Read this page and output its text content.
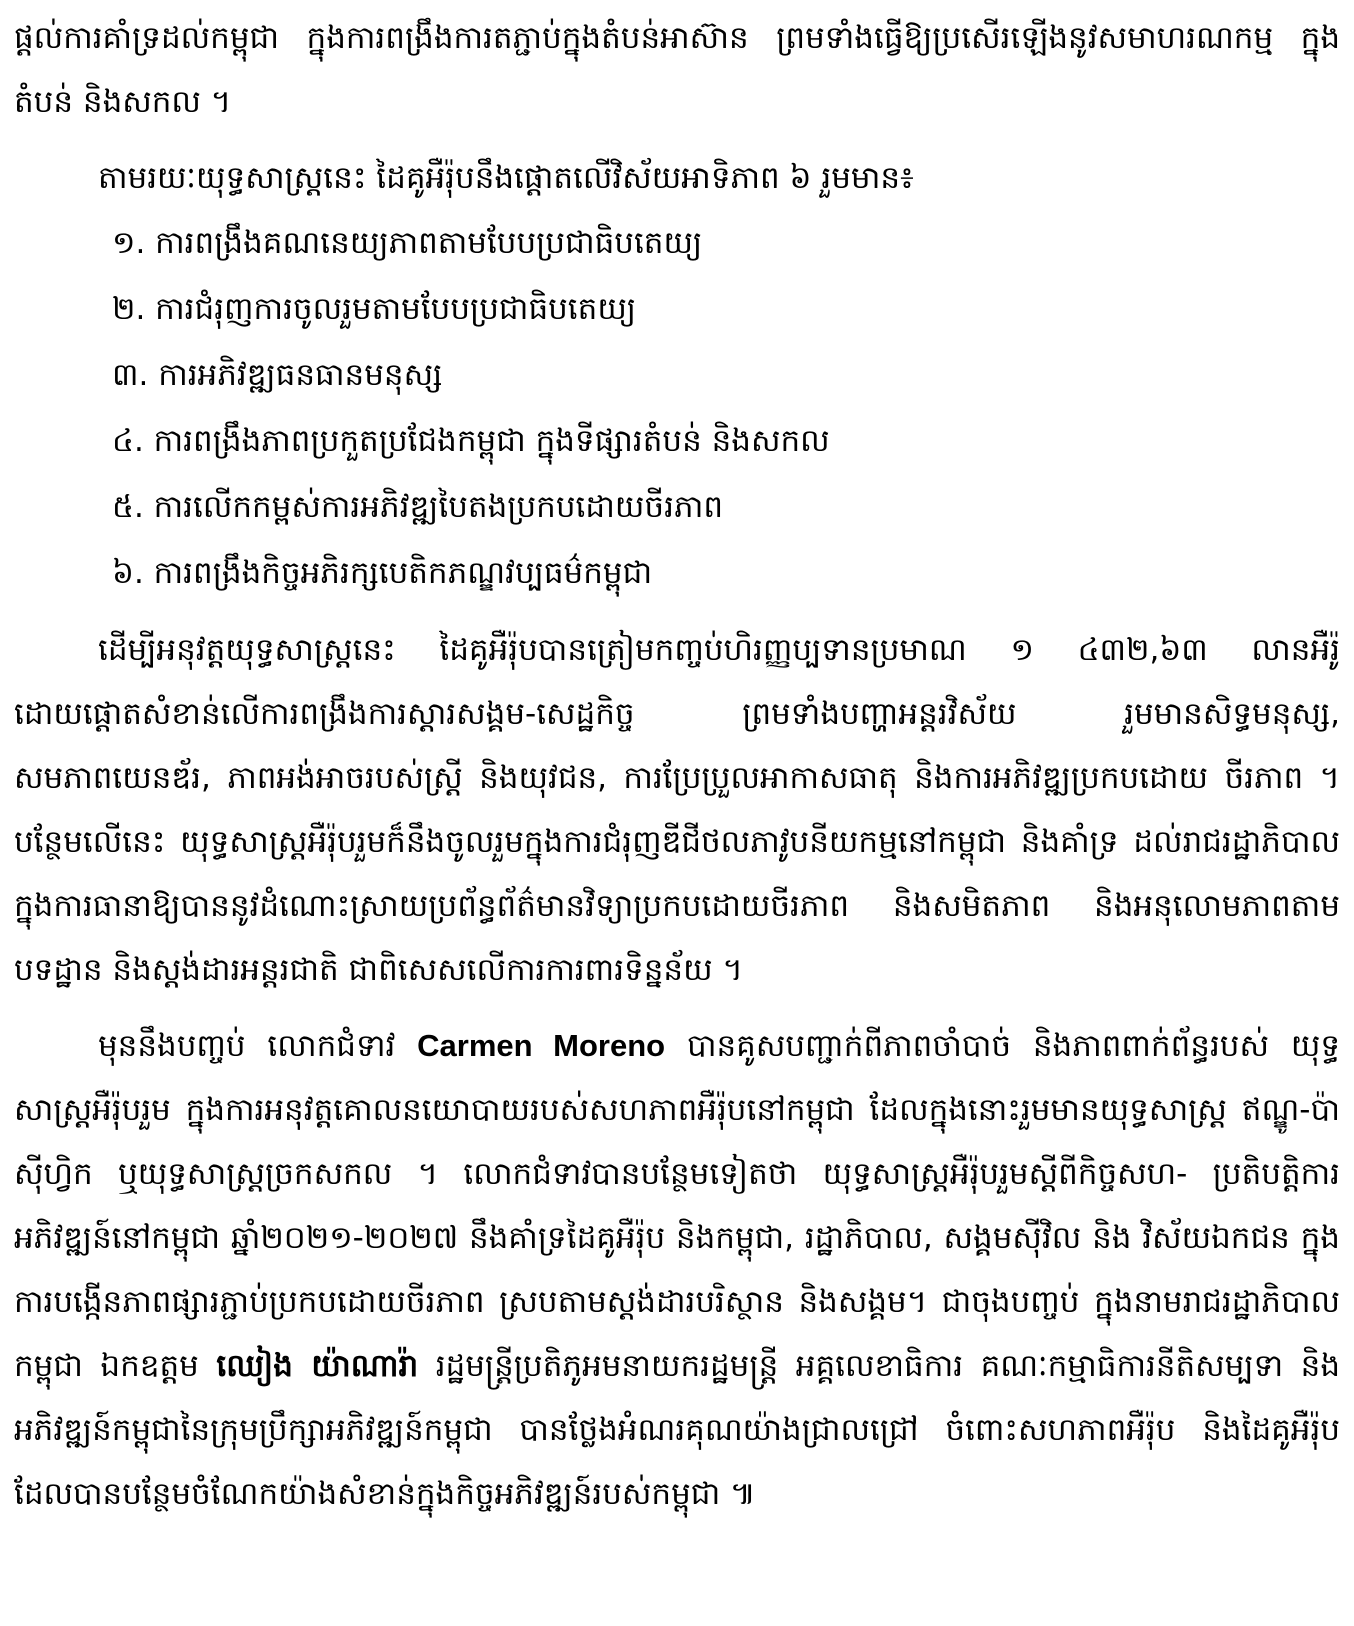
ផ្តល់ការគាំទ្រដល់កម្ពុជា ក្នុងការពង្រឹងការតភ្ជាប់ក្នុងតំបន់អាស៊ាន ព្រមទាំងធ្វើឱ្យប្រសើរឡើងនូវសមាហរណកម្ម ក្នុងតំបន់ និងសកល ។

តាមរយៈយុទ្ធសាស្ត្រនេះ ដៃគូអឺរ៉ុបនឹងផ្តោតលើវិស័យអាទិភាព ៦ រួមមាន៖

១. ការពង្រឹងគណនេយ្យភាពតាមបែបប្រជាធិបតេយ្យ
២. ការជំរុញការចូលរួមតាមបែបប្រជាធិបតេយ្យ
៣. ការអភិវឌ្ឍធនធានមនុស្ស
៤. ការពង្រឹងភាពប្រកួតប្រជែងកម្ពុជា ក្នុងទីផ្សារតំបន់ និងសកល
៥. ការលើកកម្ពស់ការអភិវឌ្ឍបៃតងប្រកបដោយចីរភាព
៦. ការពង្រឹងកិច្ចអភិរក្សបេតិកភណ្ឌវប្បធម៌កម្ពុជា

ដើម្បីអនុវត្តយុទ្ធសាស្ត្រនេះ ដៃគូអឺរ៉ុបបានត្រៀមកញ្ចប់ហិរញ្ញប្បទានប្រមាណ ១ ៤៣២,៦៣ លានអឺរ៉ូ ដោយផ្តោតសំខាន់លើការពង្រឹងការស្តារសង្គម-សេដ្ឋកិច្ច ព្រមទាំងបញ្ហាអន្តរវិស័យ រួមមានសិទ្ធមនុស្ស, សមភាពយេនឌ័រ, ភាពអង់អាចរបស់ស្ត្រី និងយុវជន, ការប្រែប្រួលអាកាសធាតុ និងការអភិវឌ្ឍប្រកបដោយ ចីរភាព ។ បន្ថែមលើនេះ យុទ្ធសាស្ត្រអឺរ៉ុបរួមក៏នឹងចូលរួមក្នុងការជំរុញឌីជីថលភាវូបនីយកម្មនៅកម្ពុជា និងគាំទ្រ ដល់រាជរដ្ឋាភិបាលក្នុងការធានាឱ្យបាននូវដំណោះស្រាយប្រព័ន្ធព័ត៌មានវិទ្យាប្រកបដោយចីរភាព និងសមិតភាព និងអនុលោមភាពតាមបទដ្ឋាន និងស្តង់ដារអន្តរជាតិ ជាពិសេសលើការការពារទិន្នន័យ ។

មុននឹងបញ្ចប់ លោកជំទាវ Carmen Moreno បានគូសបញ្ជាក់ពីភាពចាំបាច់ និងភាពពាក់ព័ន្ធរបស់ យុទ្ធសាស្ត្រអឺរ៉ុបរួម ក្នុងការអនុវត្តគោលនយោបាយរបស់សហភាពអឺរ៉ុបនៅកម្ពុជា ដែលក្នុងនោះរួមមានយុទ្ធសាស្ត្រ ឥណ្ឌូ-ប៉ាស៊ីហ្វិក ឬយុទ្ធសាស្ត្រច្រកសកល ។ លោកជំទាវបានបន្ថែមទៀតថា យុទ្ធសាស្ត្រអឺរ៉ុបរួមស្តីពីកិច្ចសហ- ប្រតិបត្តិការអភិវឌ្ឍន៍នៅកម្ពុជា ឆ្នាំ២០២១-២០២៧ នឹងគាំទ្រដៃគូអឺរ៉ុប និងកម្ពុជា, រដ្ឋាភិបាល, សង្គមស៊ីវិល និង វិស័យឯកជន ក្នុងការបង្កើនភាពផ្សារភ្ជាប់ប្រកបដោយចីរភាព ស្របតាមស្តង់ដារបរិស្ថាន និងសង្គម។ ជាចុងបញ្ចប់ ក្នុងនាមរាជរដ្ឋាភិបាលកម្ពុជា ឯកឧត្តម ឈៀង យ៉ាណារ៉ា រដ្ឋមន្ត្រីប្រតិភូអមនាយករដ្ឋមន្ត្រី អគ្គលេខាធិការ គណៈកម្មាធិការនីតិសម្បទា និងអភិវឌ្ឍន៍កម្ពុជានៃក្រុមប្រឹក្សាអភិវឌ្ឍន៍កម្ពុជា បានថ្លែងអំណរគុណយ៉ាងជ្រាលជ្រៅ ចំពោះសហភាពអឺរ៉ុប និងដៃគូអឺរ៉ុប ដែលបានបន្ថែមចំណែកយ៉ាងសំខាន់ក្នុងកិច្ចអភិវឌ្ឍន៍របស់កម្ពុជា ៕
